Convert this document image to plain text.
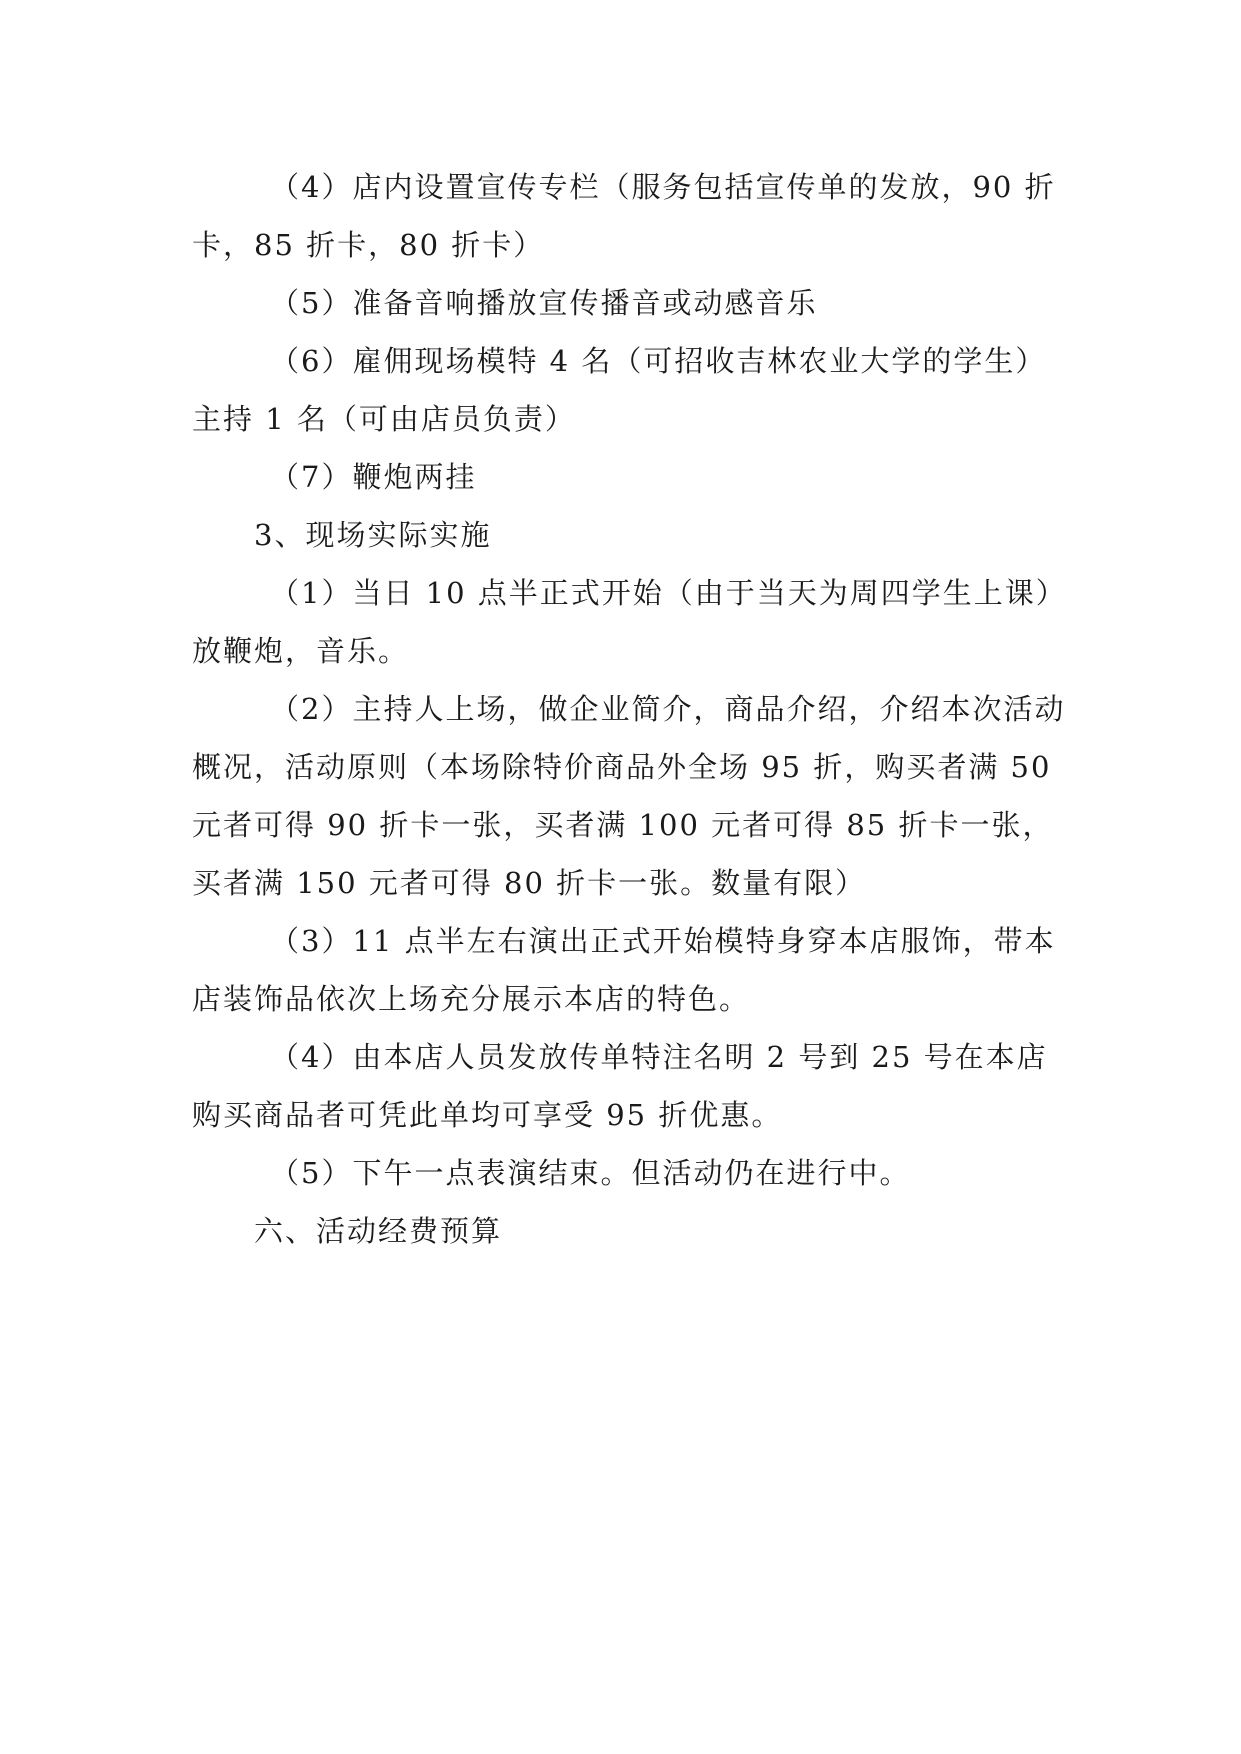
（4）店内设置宣传专栏（服务包括宣传单的发放，90 折卡，85 折卡，80 折卡）

（5）准备音响播放宣传播音或动感音乐

（6）雇佣现场模特 4 名（可招收吉林农业大学的学生）主持 1 名（可由店员负责）

（7）鞭炮两挂

3、现场实际实施

（1）当日 10 点半正式开始（由于当天为周四学生上课）放鞭炮，音乐。

（2）主持人上场，做企业简介，商品介绍，介绍本次活动概况，活动原则（本场除特价商品外全场 95 折，购买者满 50 元者可得 90 折卡一张，买者满 100 元者可得 85 折卡一张，买者满 150 元者可得 80 折卡一张。数量有限）

（3）11 点半左右演出正式开始模特身穿本店服饰，带本店装饰品依次上场充分展示本店的特色。

（4）由本店人员发放传单特注名明 2 号到 25 号在本店购买商品者可凭此单均可享受 95 折优惠。

（5）下午一点表演结束。但活动仍在进行中。

六、活动经费预算
